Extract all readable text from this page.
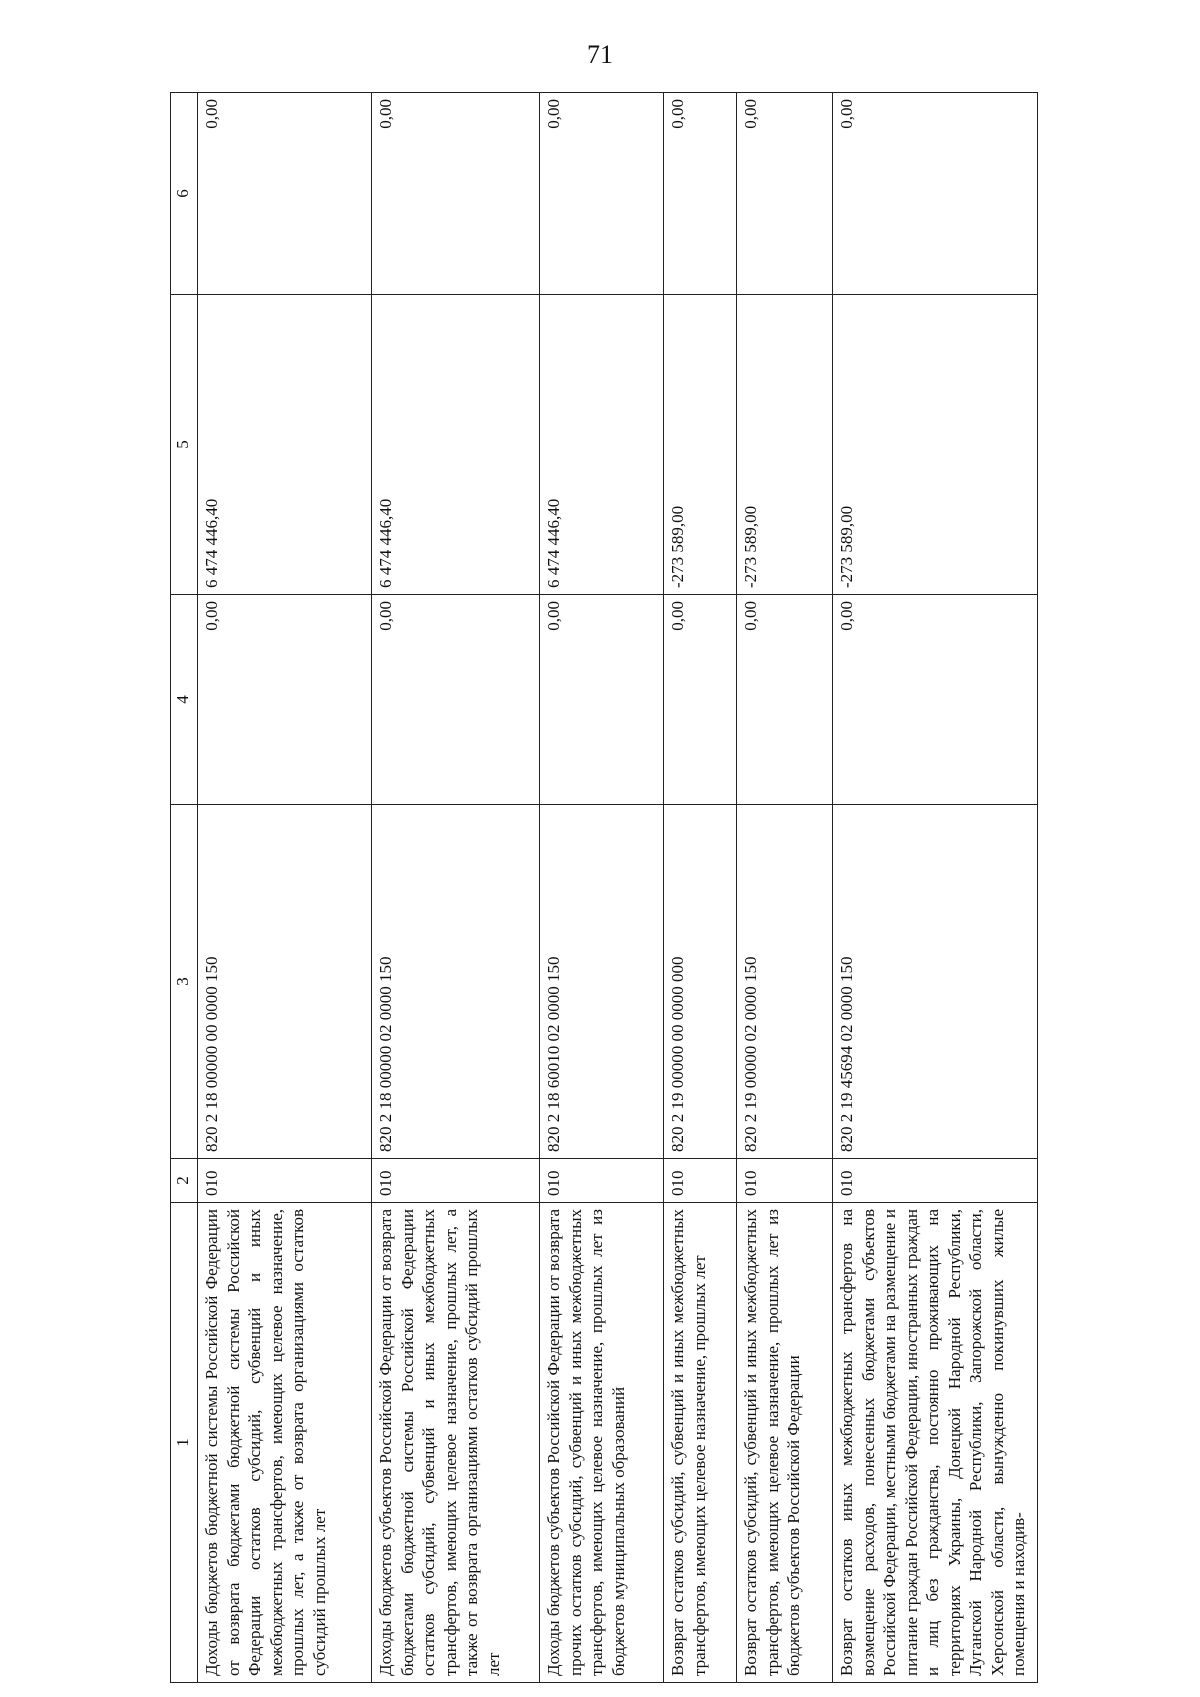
71
1	2	3	4	5	6
Доходы бюджетов бюджетной системы Российской Федерации от возврата бюджетами бюджетной системы Российской Федерации остатков субсидий, субвенций и иных межбюджетных трансфертов, имеющих целевое назначение, прошлых лет, а также от возврата организациями остатков субсидий прошлых лет	010	820 2 18 00000 00 0000 150	0,00	6 474 446,40	0,00
Доходы бюджетов субъектов Российской Федерации от возврата бюджетами бюджетной системы Российской Федерации остатков субсидий, субвенций и иных межбюджетных трансфертов, имеющих целевое назначение, прошлых лет, а также от возврата организациями остатков субсидий прошлых лет	010	820 2 18 00000 02 0000 150	0,00	6 474 446,40	0,00
Доходы бюджетов субъектов Российской Федерации от возврата прочих остатков субсидий, субвенций и иных межбюджетных трансфертов, имеющих целевое назначение, прошлых лет из бюджетов муниципальных образований	010	820 2 18 60010 02 0000 150	0,00	6 474 446,40	0,00
Возврат остатков субсидий, субвенций и иных межбюджетных трансфертов, имеющих целевое назначение, прошлых лет	010	820 2 19 00000 00 0000 000	0,00	-273 589,00	0,00
Возврат остатков субсидий, субвенций и иных межбюджетных трансфертов, имеющих целевое назначение, прошлых лет из бюджетов субъектов Российской Федерации	010	820 2 19 00000 02 0000 150	0,00	-273 589,00	0,00
Возврат остатков иных межбюджетных трансфертов на возмещение расходов, понесенных бюджетами субъектов Российской Федерации, местными бюджетами на размещение и питание граждан Российской Федерации, иностранных граждан и лиц без гражданства, постоянно проживающих на территориях Украины, Донецкой Народной Республики, Луганской Народной Республики, Запорожской области, Херсонской области, вынужденно покинувших жилые помещения и находив-	010	820 2 19 45694 02 0000 150	0,00	-273 589,00	0,00
